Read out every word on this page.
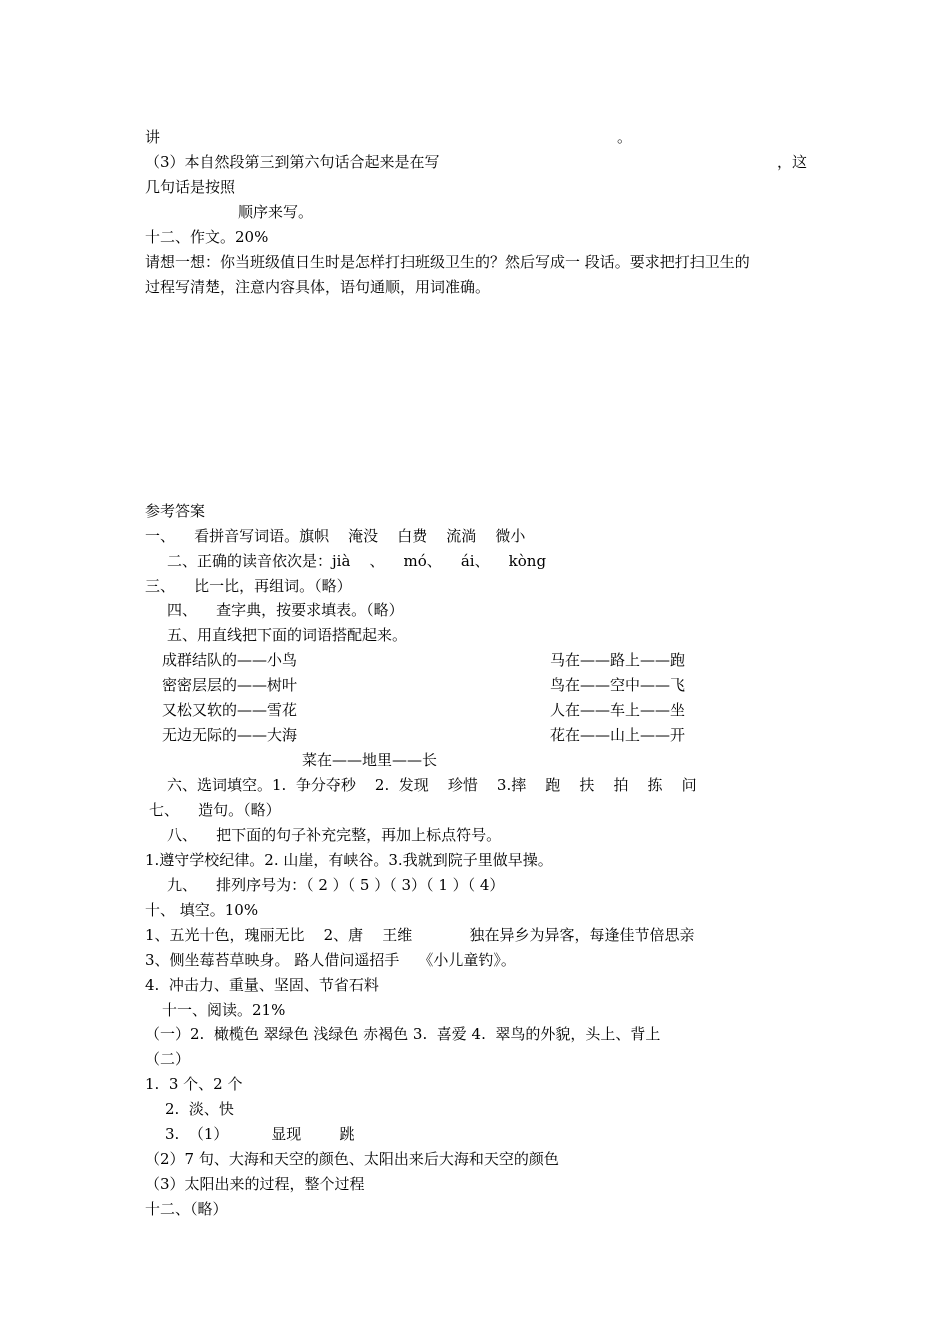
讲	。
（3）本自然段第三到第六句话合起来是在写	，这
几句话是按照
顺序来写。
十二、作文。20%
请想一想：你当班级值日生时是怎样打扫班级卫生的？然后写成一 段话。要求把打扫卫生的
过程写清楚，注意内容具体，语句通顺，用词准确。
参考答案
一、    看拼音写词语。旗帜    淹没    白费    流淌    微小
二、正确的读音依次是：jià    、    mó、    ái、    kòng
三、    比一比，再组词。（略）
四、    查字典，按要求填表。（略）
五、用直线把下面的词语搭配起来。
成群结队的——小鸟
密密层层的——树叶
又松又软的——雪花
无边无际的——大海
马在——路上——跑
鸟在——空中——飞
人在——车上——坐
花在——山上——开
菜在——地里——长
六、选词填空。1.  争分夺秒    2.  发现    珍惜    3.摔    跑    扶    拍    拣    问
七、    造句。（略）
八、    把下面的句子补充完整，再加上标点符号。
1.遵守学校纪律。2. 山崖，有峡谷。3.我就到院子里做早操。
九、    排列序号为：（ 2 ）（ 5 ）（ 3）（ 1 ）（ 4）
十、 填空。10%
1、五光十色，瑰丽无比    2、唐    王维            独在异乡为异客，每逢佳节倍思亲
3、侧坐莓苔草映身。 路人借问遥招手    《小儿童钓》。
4.  冲击力、重量、坚固、节省石料
十一、阅读。21%
（一）2.  橄榄色 翠绿色 浅绿色 赤褐色 3.  喜爱 4.  翠鸟的外貌，头上、背上
（二）
1.  3 个、2 个
2.  淡、快
3.  （1）         显现        跳
（2）7 句、大海和天空的颜色、太阳出来后大海和天空的颜色
（3）太阳出来的过程，整个过程
十二、（略）
